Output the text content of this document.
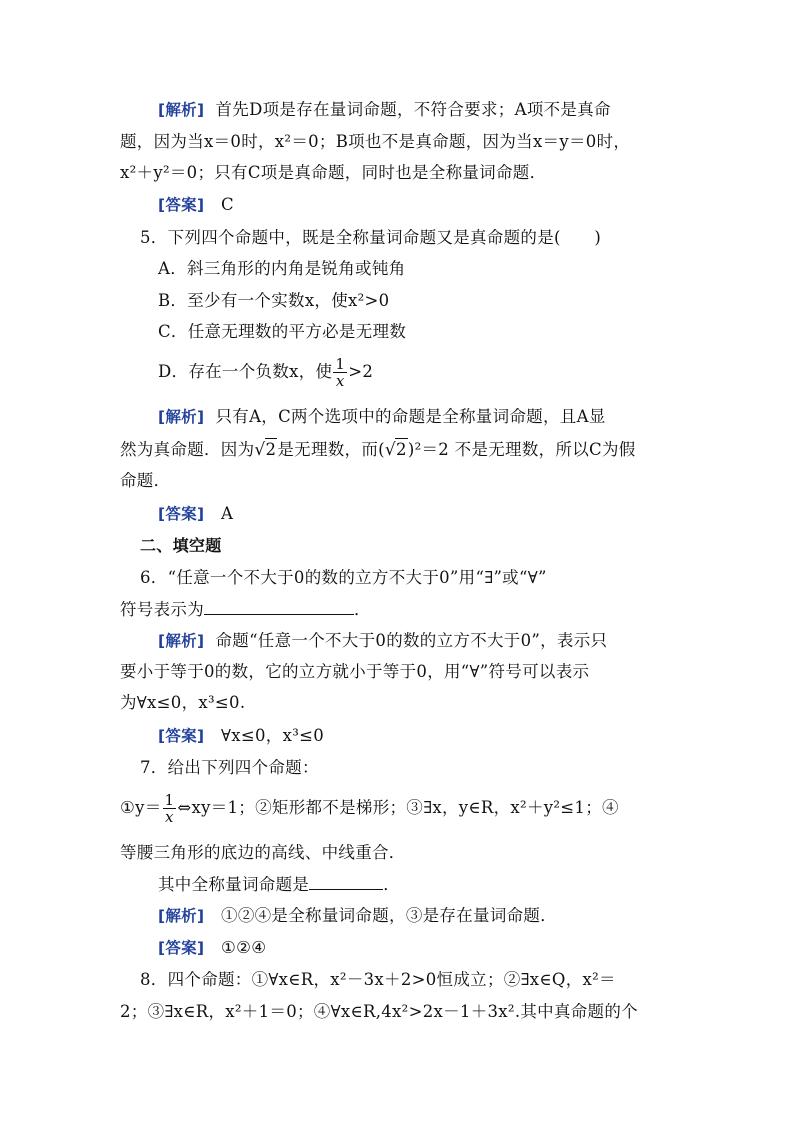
[解析] 首先D项是存在量词命题，不符合要求；A项不是真命
题，因为当x＝0时，x²＝0；B项也不是真命题，因为当x＝y＝0时，
x²＋y²＝0；只有C项是真命题，同时也是全称量词命题．
[答案] C
5．下列四个命题中，既是全称量词命题又是真命题的是(　　)
A．斜三角形的内角是锐角或钝角
B．至少有一个实数x，使x²>0
C．任意无理数的平方必是无理数
D．存在一个负数x，使 $\frac{1}{x} >2$
[解析] 只有A，C两个选项中的命题是全称量词命题，且A显
然为真命题．因为√2是无理数，而(√2)²＝2 不是无理数，所以C为假
命题．
[答案] A
二、填空题
6．“任意一个不大于0的数的立方不大于0”用“∃”或“∀”
符号表示为	．
[解析] 命题“任意一个不大于0的数的立方不大于0”，表示只
要小于等于0的数，它的立方就小于等于0，用“∀”符号可以表示
为∀x≤0，x³≤0.
[答案] ∀x≤0，x³≤0
7．给出下列四个命题：
①y＝ $\frac{1}{x}$ ⇔xy＝1；②矩形都不是梯形；③∃x，y∈R，x²＋y²≤1；④
等腰三角形的底边的高线、中线重合．
其中全称量词命题是	．
[解析] ①②④是全称量词命题，③是存在量词命题．
[答案] ①②④
8．四个命题：①∀x∈R，x²－3x＋2>0恒成立；②∃x∈Q，x²＝
2；③∃x∈R，x²＋1＝0；④∀x∈R,4x²>2x－1＋3x².其中真命题的个
